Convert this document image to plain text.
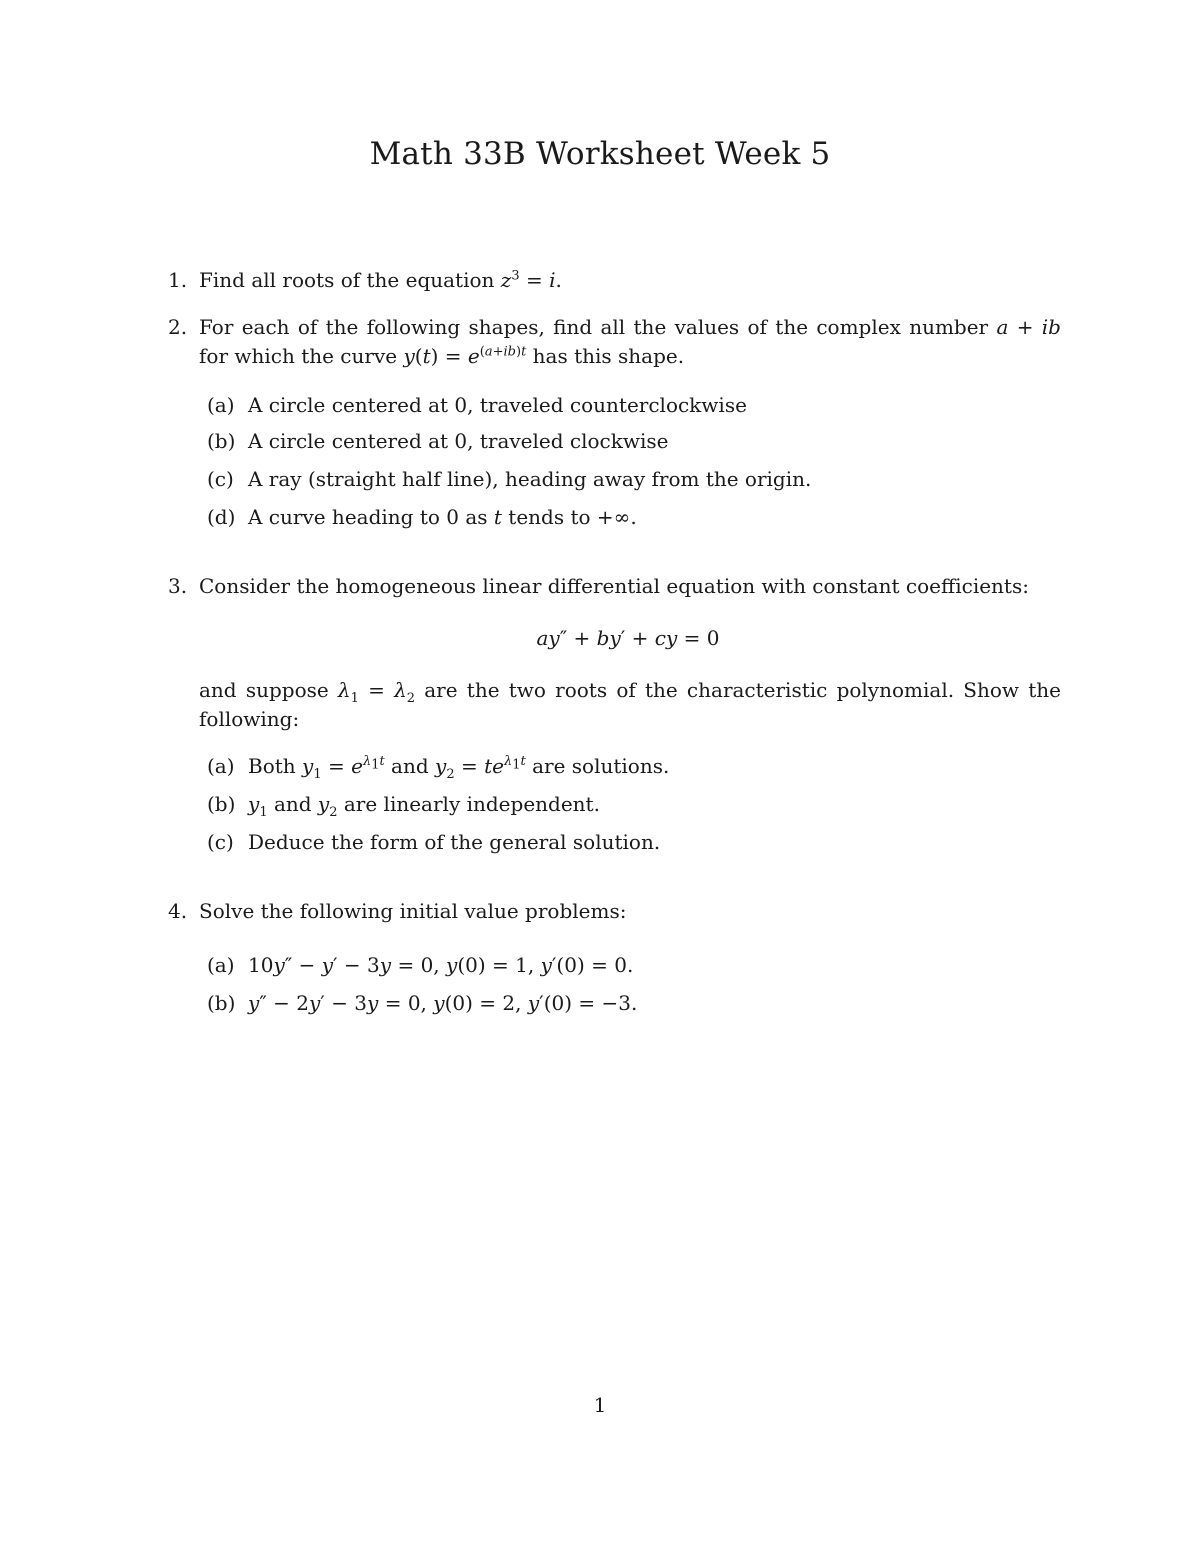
Math 33B Worksheet Week 5
1. Find all roots of the equation $z^3 = i$.
2. For each of the following shapes, find all the values of the complex number a + ib for which the curve $y(t) = e^{(a+ib)t}$ has this shape.
(a) A circle centered at 0, traveled counterclockwise
(b) A circle centered at 0, traveled clockwise
(c) A ray (straight half line), heading away from the origin.
(d) A curve heading to 0 as t tends to +∞.
3. Consider the homogeneous linear differential equation with constant coefficients:
ay″ + by′ + cy = 0
and suppose $\lambda_1 = \lambda_2$ are the two roots of the characteristic polynomial. Show the following:
(a) Both $y_1 = e^{\lambda_1t}$ and $y_2 = te^{\lambda_1t}$ are solutions.
(b) $y_1$ and $y_2$ are linearly independent.
(c) Deduce the form of the general solution.
4. Solve the following initial value problems:
(a) 10y″ − y′ − 3y = 0, y(0) = 1, y′(0) = 0.
(b) y″ − 2y′ − 3y = 0, y(0) = 2, y′(0) = −3.
1
